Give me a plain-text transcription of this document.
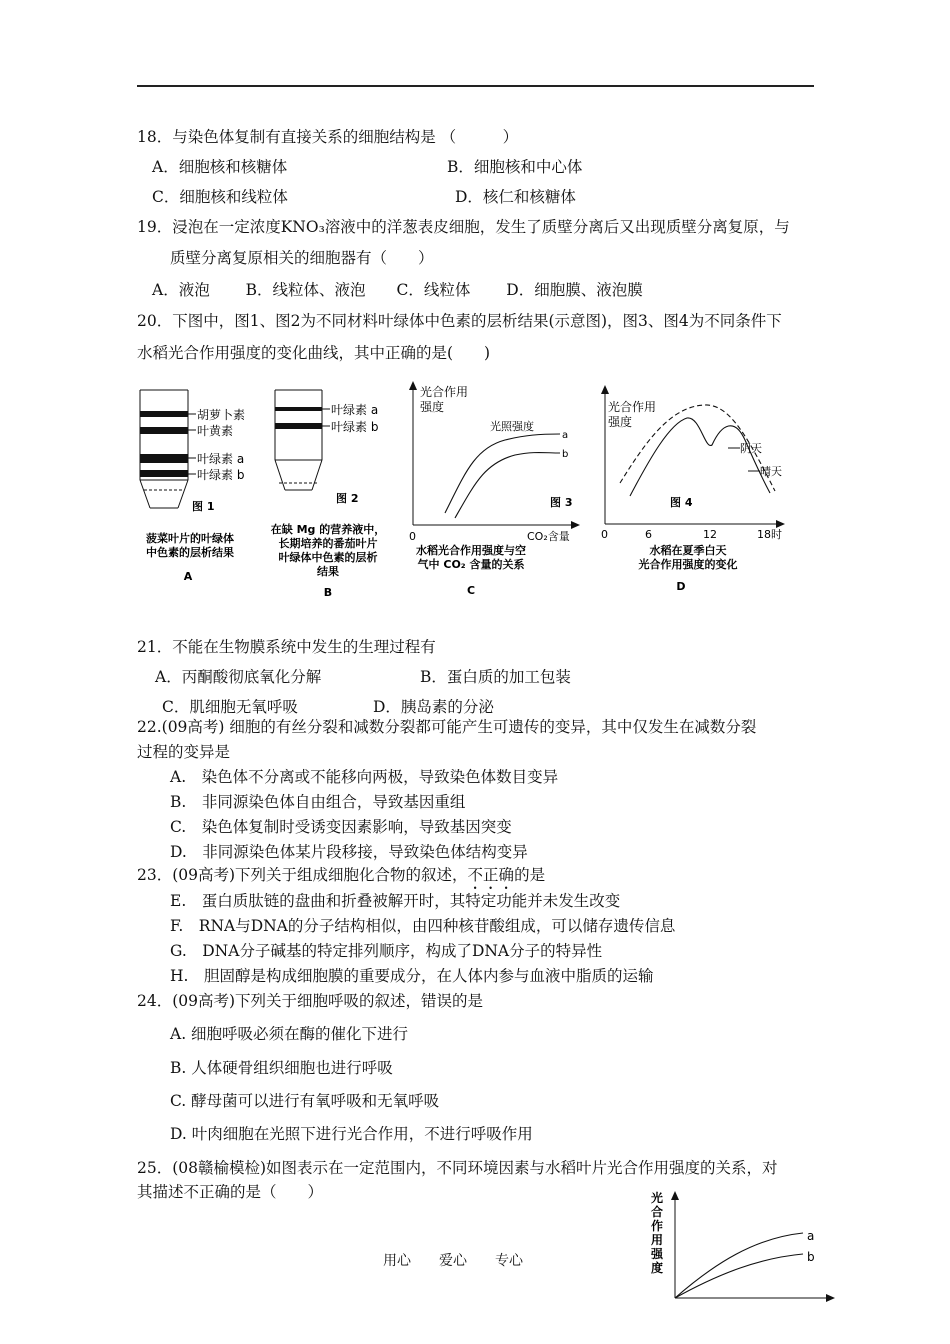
18．与染色体复制有直接关系的细胞结构是 （　　　）
A．细胞核和核糖体	B．细胞核和中心体
C．细胞核和线粒体	D．核仁和核糖体
19．浸泡在一定浓度KNO₃溶液中的洋葱表皮细胞，发生了质壁分离后又出现质壁分离复原，与
质壁分离复原相关的细胞器有（　　）
A．液泡　　 B．线粒体、液泡　　C．线粒体　　 D．细胞膜、液泡膜
20．下图中，图1、图2为不同材料叶绿体中色素的层析结果(示意图)，图3、图4为不同条件下
水稻光合作用强度的变化曲线，其中正确的是(　　)
胡萝卜素
叶黄素
叶绿素 a
叶绿素 b
图 1
菠菜叶片的叶绿体
中色素的层析结果
A
叶绿素 a
叶绿素 b
图 2
在缺 Mg 的营养液中，
长期培养的番茄叶片
叶绿体中色素的层析
结果
B
光合作用
强度
光照强度
a
b
图 3
0	CO₂含量
水稻光合作用强度与空
气中 CO₂ 含量的关系
C
光合作用
强度
阴天
晴天
图 4
0	6	12	18 时
水稻在夏季白天
光合作用强度的变化
D
21．不能在生物膜系统中发生的生理过程有
A．丙酮酸彻底氧化分解	B．蛋白质的加工包装
C．肌细胞无氧呼吸	D．胰岛素的分泌
22.(09高考) 细胞的有丝分裂和减数分裂都可能产生可遗传的变异，其中仅发生在减数分裂
过程的变异是
A.　染色体不分离或不能移向两极，导致染色体数目变异
B.　非同源染色体自由组合，导致基因重组
C.　染色体复制时受诱变因素影响，导致基因突变
D.　非同源染色体某片段移接，导致染色体结构变异
23．(09高考)下列关于组成细胞化合物的叙述，不正确的是
E.　蛋白质肽链的盘曲和折叠被解开时，其特定功能并未发生改变
F.　RNA与DNA的分子结构相似，由四种核苷酸组成，可以储存遗传信息
G.　DNA分子碱基的特定排列顺序，构成了DNA分子的特异性
H.　胆固醇是构成细胞膜的重要成分，在人体内参与血液中脂质的运输
24．(09高考)下列关于细胞呼吸的叙述，错误的是
A. 细胞呼吸必须在酶的催化下进行
B. 人体硬骨组织细胞也进行呼吸
C. 酵母菌可以进行有氧呼吸和无氧呼吸
D. 叶肉细胞在光照下进行光合作用，不进行呼吸作用
25．(08赣榆模检)如图表示在一定范围内，不同环境因素与水稻叶片光合作用强度的关系，对
其描述不正确的是（　　）	光
合
作
用
强
度
a
b
用心　　爱心　　专心
